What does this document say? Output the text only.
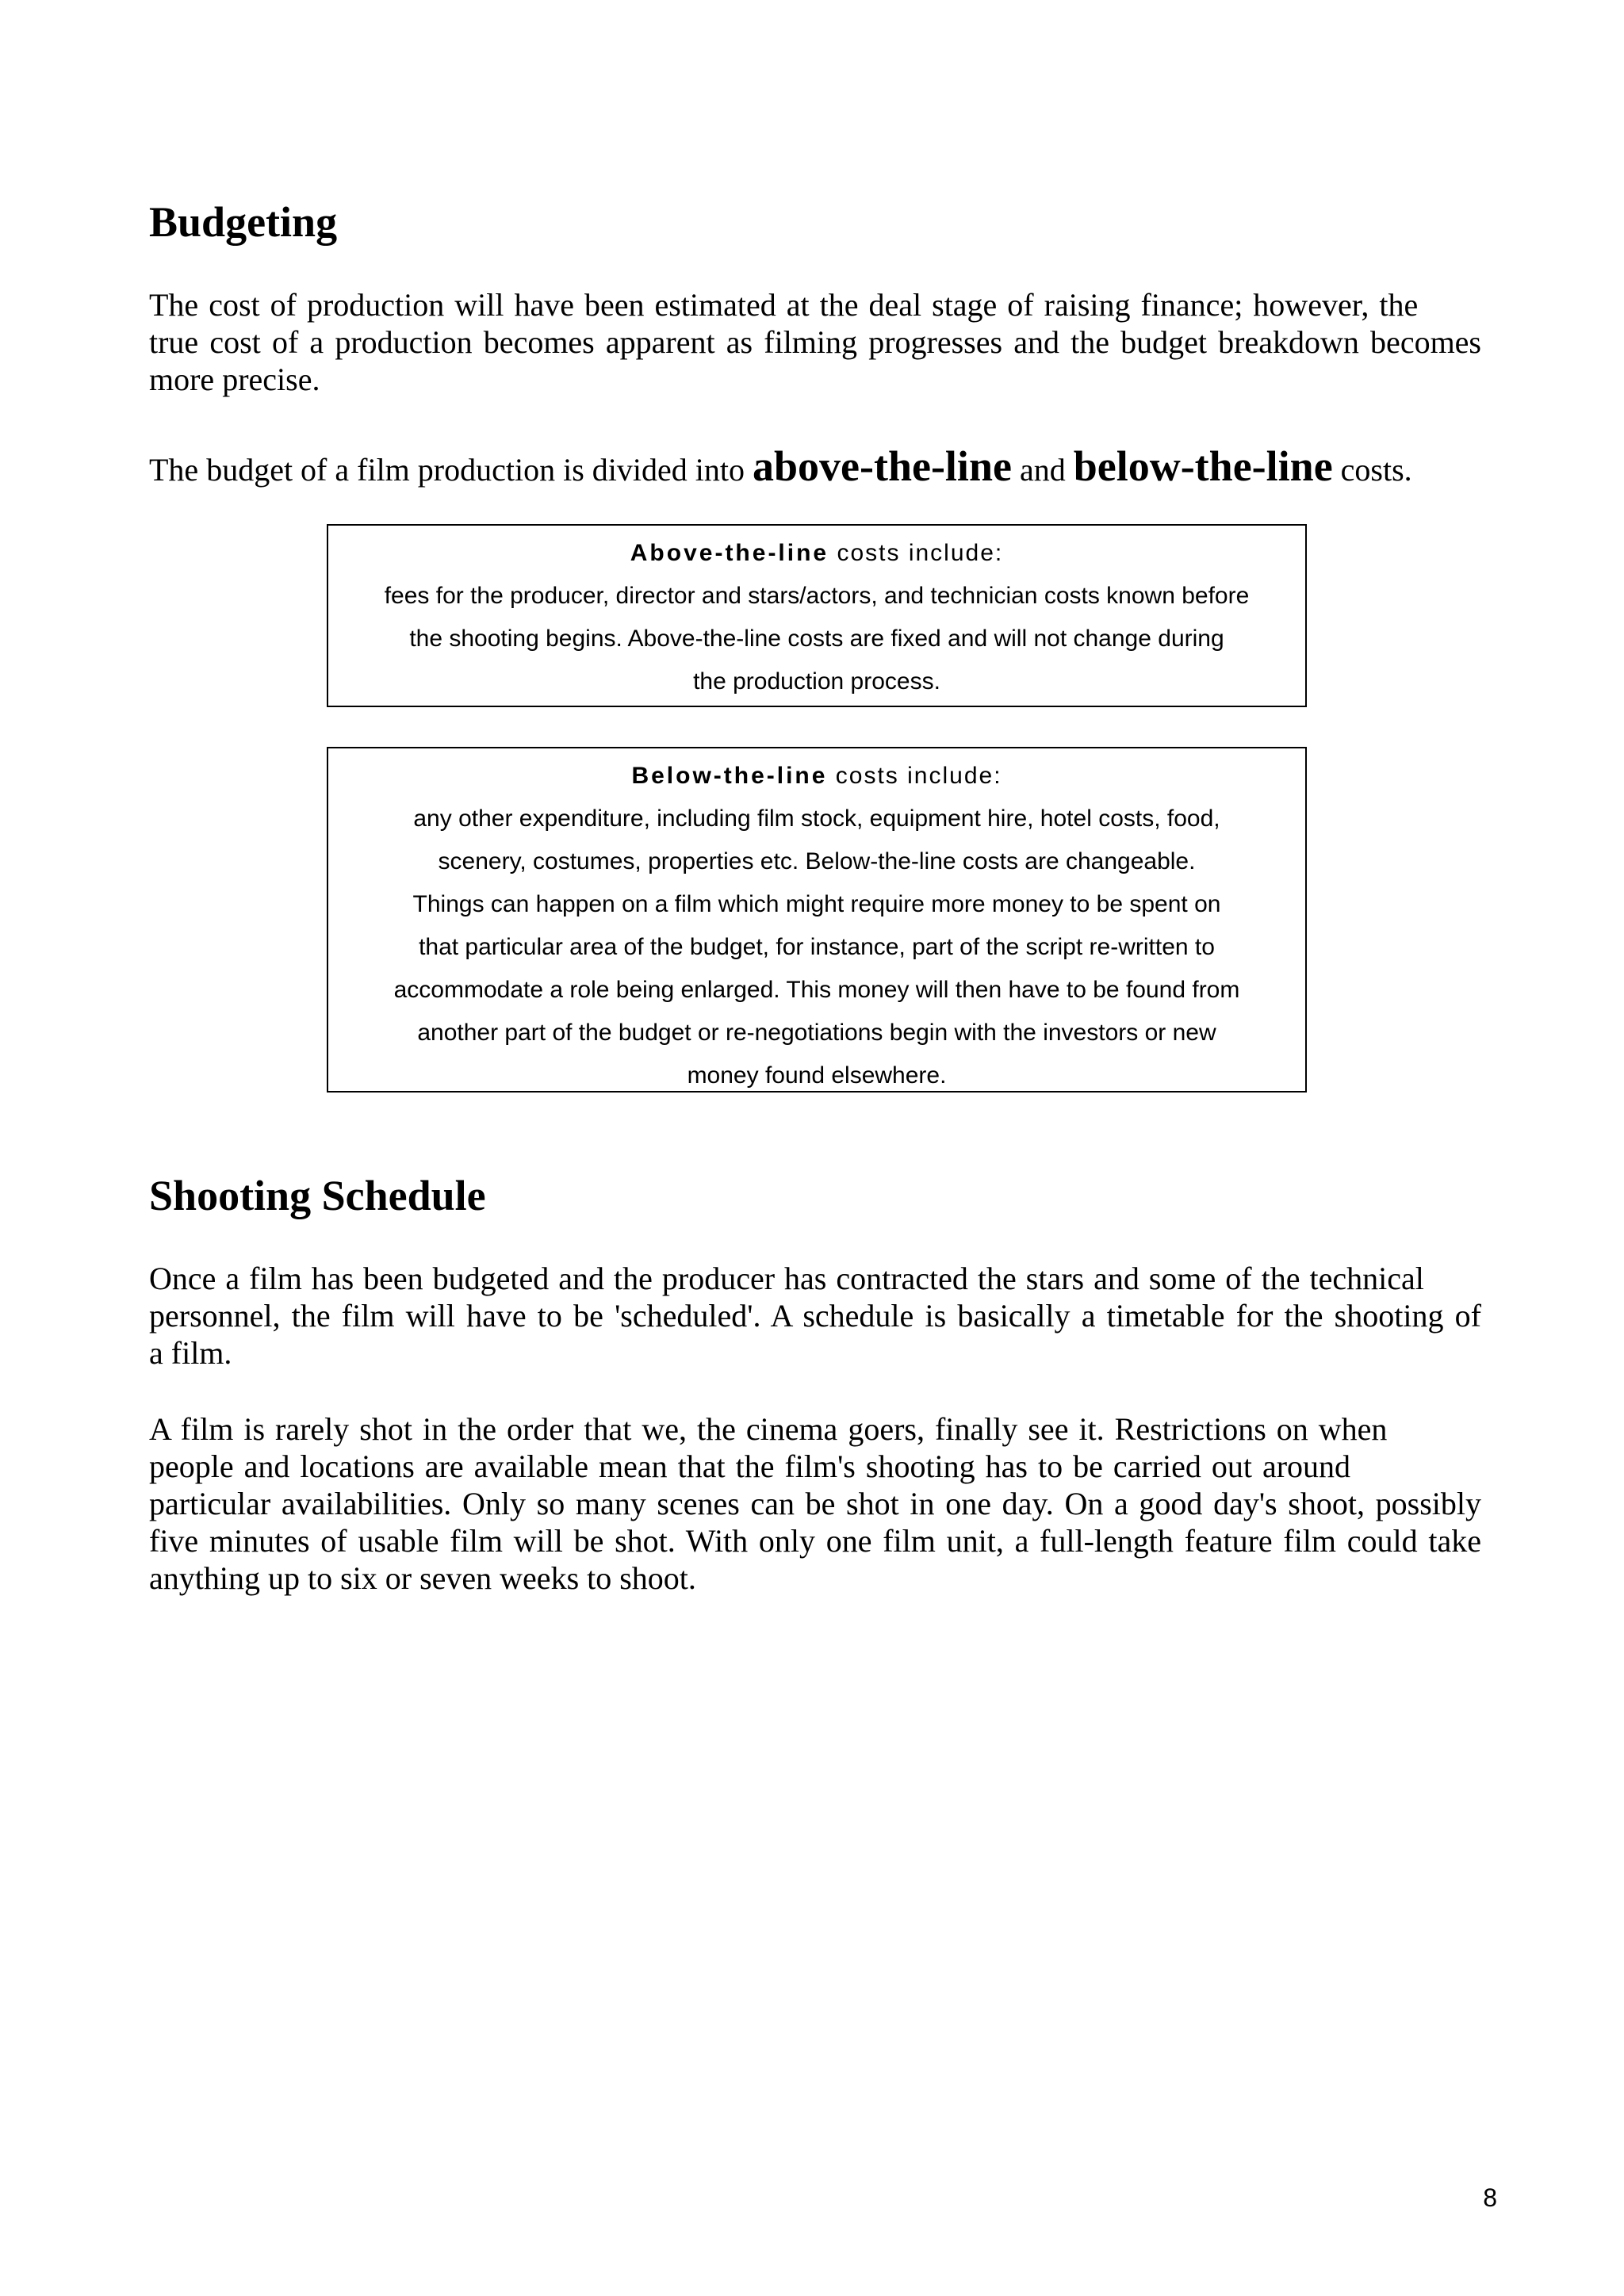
Budgeting

The cost of production will have been estimated at the deal stage of raising finance; however, the
true cost of a production becomes apparent as filming progresses and the budget breakdown becomes
more precise.

The budget of a film production is divided into above-the-line and below-the-line costs.

Above-the-line costs include:
fees for the producer, director and stars/actors, and technician costs known before
the shooting begins. Above-the-line costs are fixed and will not change during
the production process.
Below-the-line costs include:
any other expenditure, including film stock, equipment hire, hotel costs, food,
scenery, costumes, properties etc. Below-the-line costs are changeable.
Things can happen on a film which might require more money to be spent on
that particular area of the budget, for instance, part of the script re-written to
accommodate a role being enlarged. This money will then have to be found from
another part of the budget or re-negotiations begin with the investors or new
money found elsewhere.
Shooting Schedule

Once a film has been budgeted and the producer has contracted the stars and some of the technical
personnel, the film will have to be 'scheduled'. A schedule is basically a timetable for the shooting of
a film.

A film is rarely shot in the order that we, the cinema goers, finally see it. Restrictions on when
people and locations are available mean that the film's shooting has to be carried out around
particular availabilities. Only so many scenes can be shot in one day. On a good day's shoot, possibly
five minutes of usable film will be shot. With only one film unit, a full-length feature film could take
anything up to six or seven weeks to shoot.

8
